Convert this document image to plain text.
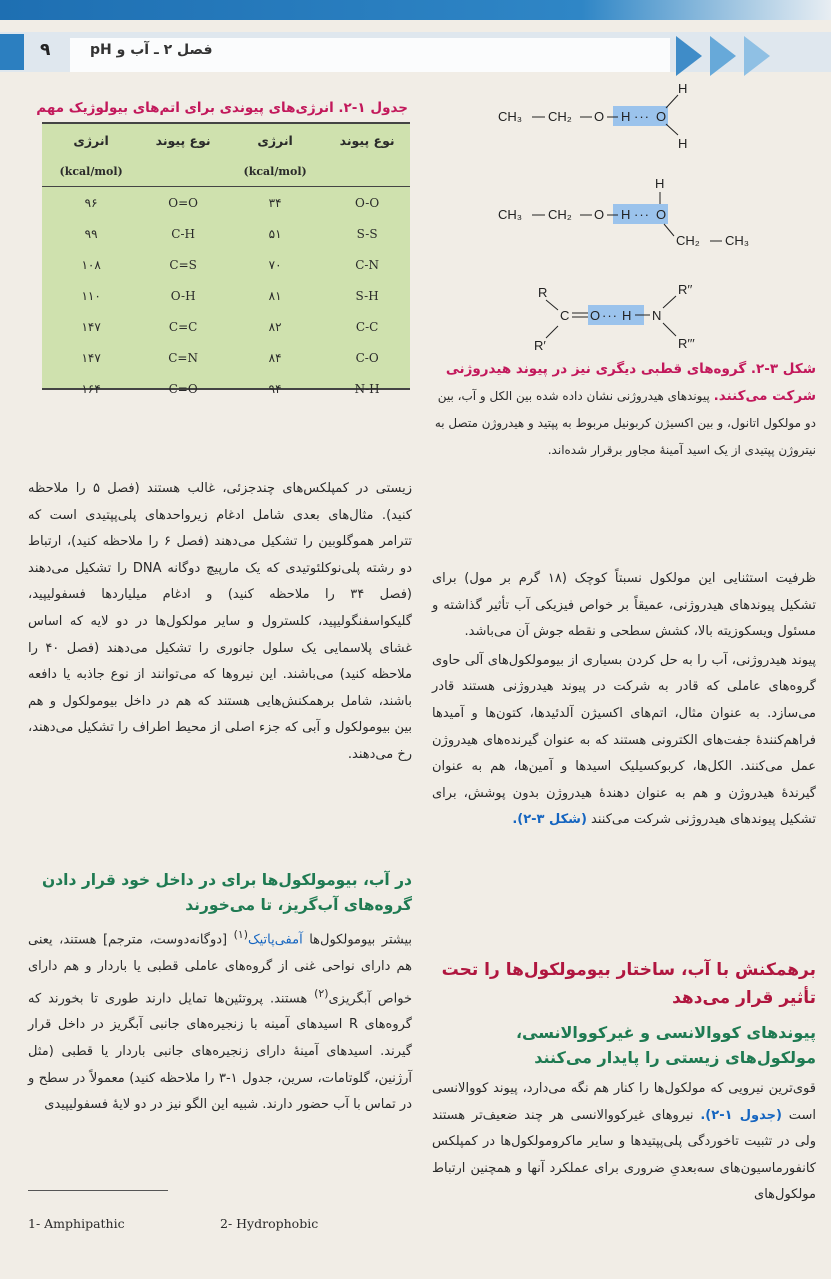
۹	فصل ۲ ـ آب و pH
جدول ۱-۲. انرژی‌های پیوندی برای اتم‌های بیولوژیک مهم
نوع پیوند	انرژی	نوع پیوند	انرژی
	(kcal/mol)		(kcal/mol)
O-O	۳۴	O=O	۹۶
S-S	۵۱	C-H	۹۹
C-N	۷۰	C=S	۱۰۸
S-H	۸۱	O-H	۱۱۰
C-C	۸۲	C=C	۱۴۷
C-O	۸۴	C=N	۱۴۷
N-H	۹۴	C=O	۱۶۴
CH₃ CH₂ O H ··· O
H
H
CH₃ CH₂ O H ··· O
H
CH₂ CH₃
R
R′
C O ··· H N
R′′
R′′′
شکل ۳-۲. گروه‌های قطبی دیگری نیز در پیوند هیدروژنی شرکت می‌کنند. پیوندهای هیدروژنی نشان داده شده بین الکل و آب، بین دو مولکول اتانول، و بین اکسیژن کربونیل مربوط به پپتید و هیدروژن متصل به نیتروژن پپتیدی از یک اسید آمینهٔ مجاور برقرار شده‌اند.

ظرفیت استثنایی این مولکول نسبتاً کوچک (۱۸ گرم بر مول) برای تشکیل پیوندهای هیدروژنی، عمیقاً بر خواص فیزیکی آب تأثیر گذاشته و مسئول ویسکوزیته بالا، کشش سطحی و نقطه جوش آن می‌باشد.

پیوند هیدروژنی، آب را به حل کردن بسیاری از بیومولکول‌های آلی حاوی گروه‌های عاملی که قادر به شرکت در پیوند هیدروژنی هستند قادر می‌سازد. به عنوان مثال، اتم‌های اکسیژن آلدئیدها، کتون‌ها و آمیدها فراهم‌کنندهٔ جفت‌های الکترونی هستند که به عنوان گیرنده‌های هیدروژن عمل می‌کنند. الکل‌ها، کربوکسیلیک اسیدها و آمین‌ها، هم به عنوان گیرندهٔ هیدروژن و هم به عنوان دهندهٔ هیدروژن بدون پوشش، برای تشکیل پیوندهای هیدروژنی شرکت می‌کنند (شکل ۳-۲).

برهمکنش با آب، ساختار بیومولکول‌ها را تحت تأثیر قرار می‌دهد
پیوندهای کووالانسی و غیرکووالانسی، مولکول‌های زیستی را پایدار می‌کنند

قوی‌ترین نیرویی که مولکول‌ها را کنار هم نگه می‌دارد، پیوند کووالانسی است (جدول ۱-۲). نیروهای غیرکووالانسی هر چند ضعیف‌تر هستند ولی در تثبیت تاخوردگی پلی‌پپتیدها و سایر ماکرومولکول‌ها در کمپلکس کانفورماسیون‌های سه‌بعدیِ ضروری برای عملکرد آنها و همچنین ارتباط مولکول‌های

زیستی در کمپلکس‌های چندجزئی، غالب هستند (فصل ۵ را ملاحظه کنید). مثال‌های بعدی شامل ادغام زیرواحدهای پلی‌پپتیدی است که تترامر هموگلوبین را تشکیل می‌دهند (فصل ۶ را ملاحظه کنید)، ارتباط دو رشته پلی‌نوکلئوتیدی که یک مارپیچ دوگانه DNA را تشکیل می‌دهند (فصل ۳۴ را ملاحظه کنید) و ادغام میلیاردها فسفولیپید، گلیکواسفنگولیپید، کلسترول و سایر مولکول‌ها در دو لایه که اساس غشای پلاسمایی یک سلول جانوری را تشکیل می‌دهند (فصل ۴۰ را ملاحظه کنید) می‌باشند. این نیروها که می‌توانند از نوع جاذبه یا دافعه باشند، شامل برهمکنش‌هایی هستند که هم در داخل بیومولکول و هم بین بیومولکول و آبی که جزء اصلی از محیط اطراف را تشکیل می‌دهند، رخ می‌دهند.

در آب، بیومولکول‌ها برای در داخل خود قرار دادن گروه‌های آب‌گریز، تا می‌خورند

بیشتر بیومولکول‌ها آمفی‌پاتیک$^{(۱)}$ [دوگانه‌دوست، مترجم] هستند، یعنی هم دارای نواحی غنی از گروه‌های عاملی قطبی یا باردار و هم دارای خواص آبگریزی$^{(۲)}$ هستند. پروتئین‌ها تمایل دارند طوری تا بخورند که گروه‌های R اسیدهای آمینه با زنجیره‌های جانبی آبگریز در داخل قرار گیرند. اسیدهای آمینهٔ دارای زنجیره‌های جانبی باردار یا قطبی (مثل آرژنین، گلوتامات، سرین، جدول ۱-۳ را ملاحظه کنید) معمولاً در سطح و در تماس با آب حضور دارند. شبیه این الگو نیز در دو لایهٔ فسفولیپیدی

1- Amphipathic	2- Hydrophobic
